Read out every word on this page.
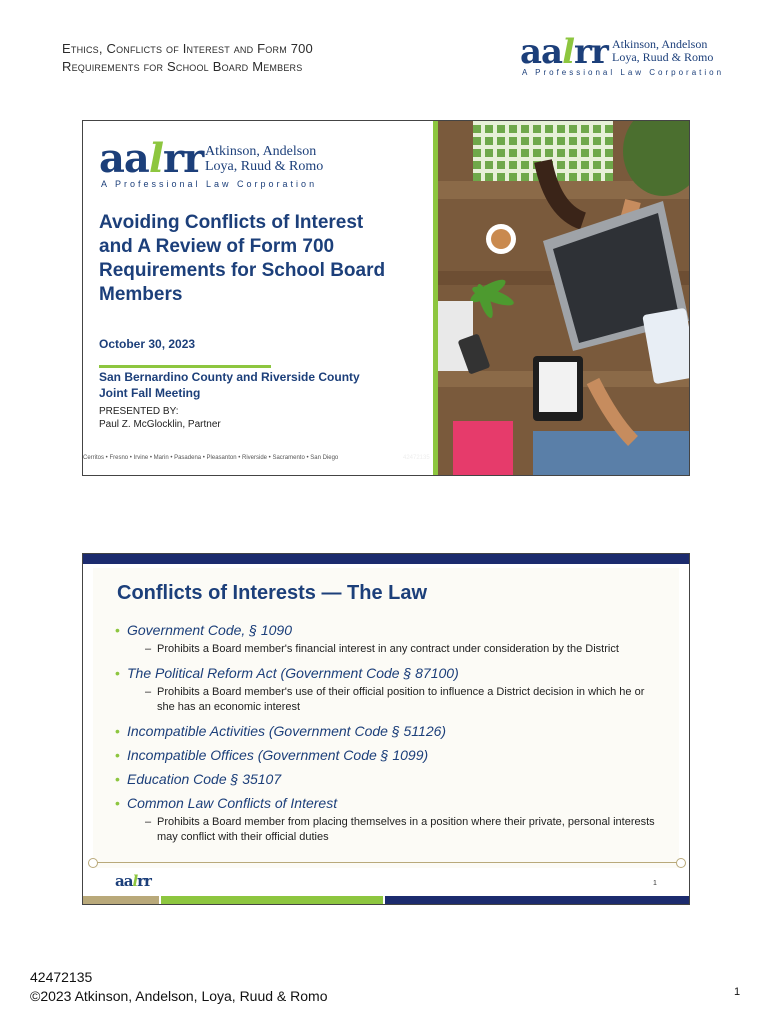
Ethics, Conflicts of Interest and Form 700
Requirements for School Board Members	aalrr Atkinson, Andelson
Loya, Ruud & Romo
A Professional Law Corporation
aalrr Atkinson, Andelson
Loya, Ruud & Romo
A Professional Law Corporation
Avoiding Conflicts of Interest and A Review of Form 700 Requirements for School Board Members
October 30, 2023
San Bernardino County and Riverside County
Joint Fall Meeting
PRESENTED BY:
Paul Z. McGlocklin, Partner
Cerritos • Fresno • Irvine • Marin • Pasadena • Pleasanton • Riverside • Sacramento • San Diego	42472135
Conflicts of Interests — The Law
• Government Code, § 1090
– Prohibits a Board member's financial interest in any contract under consideration by the District
• The Political Reform Act (Government Code § 87100)
– Prohibits a Board member's use of their official position to influence a District decision in which he or she has an economic interest
• Incompatible Activities (Government Code § 51126)
• Incompatible Offices (Government Code § 1099)
• Education Code § 35107
• Common Law Conflicts of Interest
– Prohibits a Board member from placing themselves in a position where their private, personal interests may conflict with their official duties
aalrr	1
42472135
©2023 Atkinson, Andelson, Loya, Ruud & Romo	1
